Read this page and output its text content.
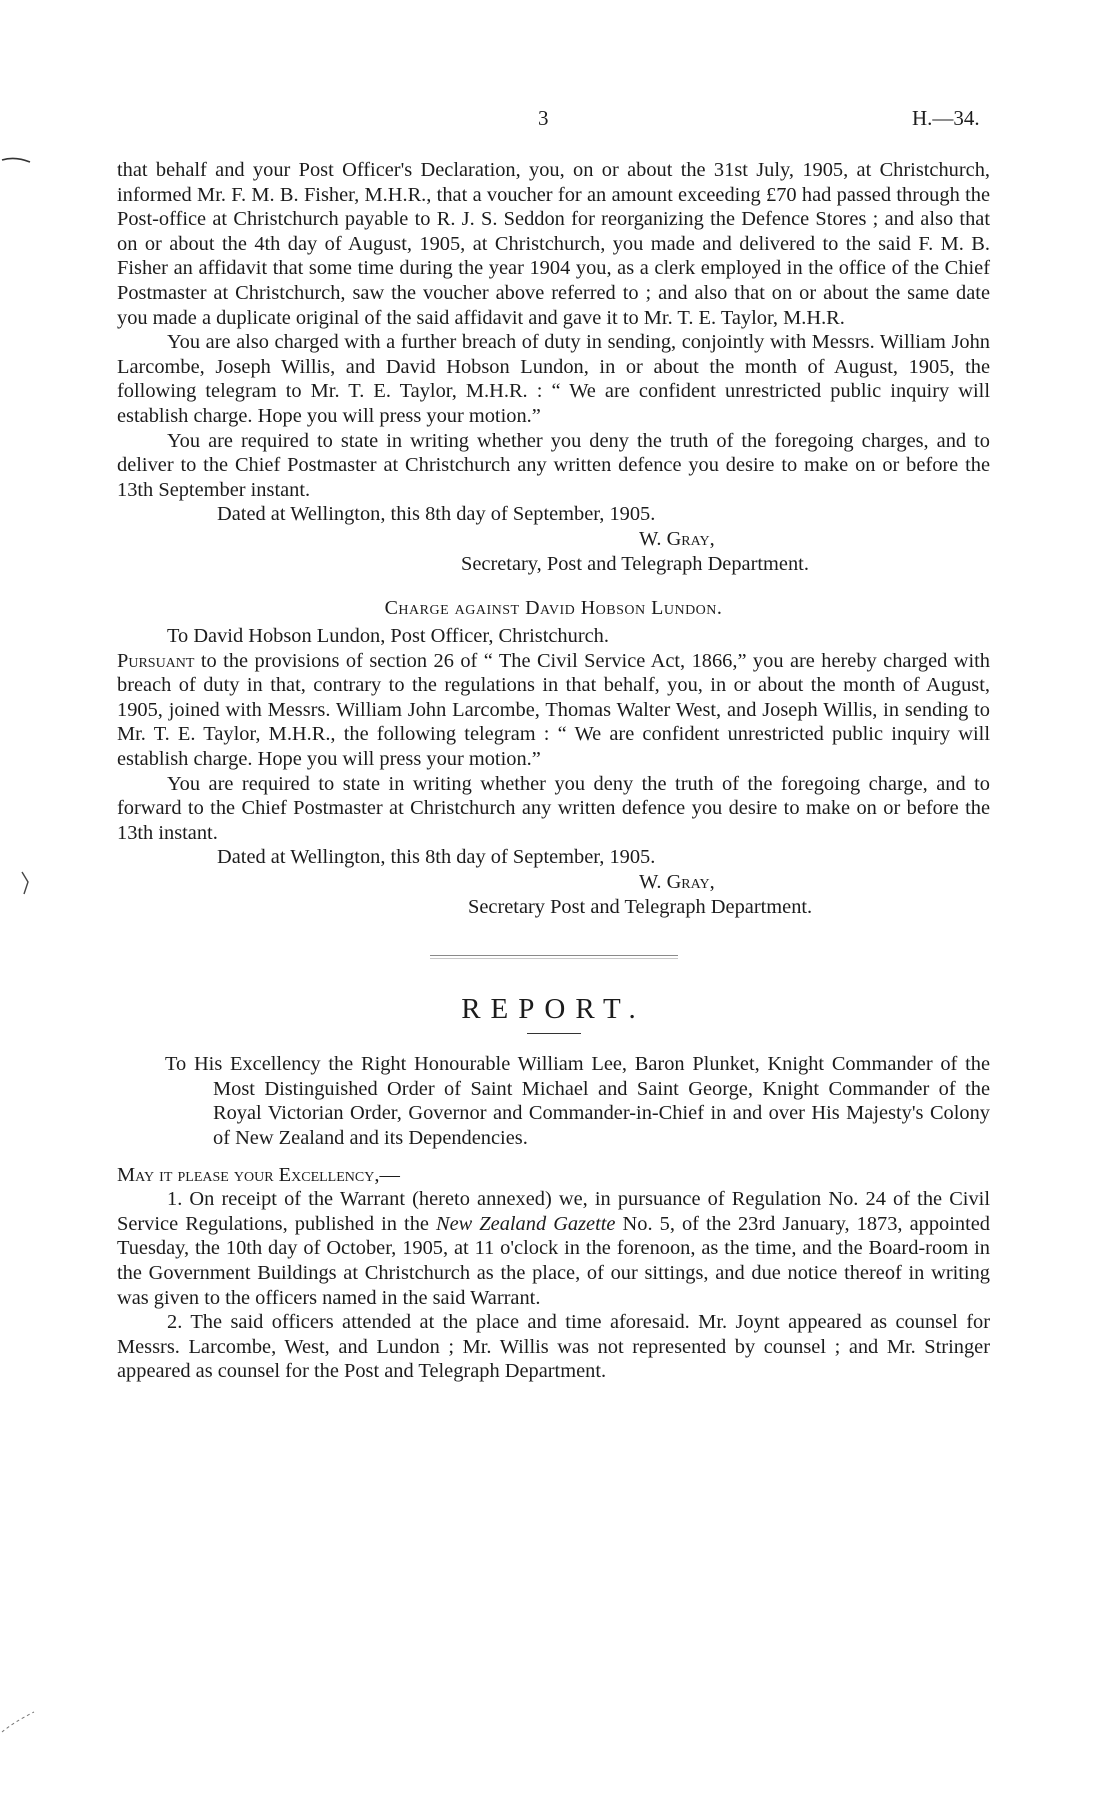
3	H.—34.

that behalf and your Post Officer's Declaration, you, on or about the 31st July, 1905, at Christchurch, informed Mr. F. M. B. Fisher, M.H.R., that a voucher for an amount exceeding £70 had passed through the Post-office at Christchurch payable to R. J. S. Seddon for reorganizing the Defence Stores ; and also that on or about the 4th day of August, 1905, at Christchurch, you made and delivered to the said F. M. B. Fisher an affidavit that some time during the year 1904 you, as a clerk employed in the office of the Chief Postmaster at Christchurch, saw the voucher above referred to ; and also that on or about the same date you made a duplicate original of the said affidavit and gave it to Mr. T. E. Taylor, M.H.R.

You are also charged with a further breach of duty in sending, conjointly with Messrs. William John Larcombe, Joseph Willis, and David Hobson Lundon, in or about the month of August, 1905, the following telegram to Mr. T. E. Taylor, M.H.R. : “ We are confident unrestricted public inquiry will establish charge. Hope you will press your motion.”

You are required to state in writing whether you deny the truth of the foregoing charges, and to deliver to the Chief Postmaster at Christchurch any written defence you desire to make on or before the 13th September instant.

Dated at Wellington, this 8th day of September, 1905.

W. Gray,
Secretary, Post and Telegraph Department.
Charge against David Hobson Lundon.

To David Hobson Lundon, Post Officer, Christchurch.

Pursuant to the provisions of section 26 of “ The Civil Service Act, 1866,” you are hereby charged with breach of duty in that, contrary to the regulations in that behalf, you, in or about the month of August, 1905, joined with Messrs. William John Larcombe, Thomas Walter West, and Joseph Willis, in sending to Mr. T. E. Taylor, M.H.R., the following telegram : “ We are confident unrestricted public inquiry will establish charge. Hope you will press your motion.”

You are required to state in writing whether you deny the truth of the foregoing charge, and to forward to the Chief Postmaster at Christchurch any written defence you desire to make on or before the 13th instant.

Dated at Wellington, this 8th day of September, 1905.

W. Gray,
Secretary Post and Telegraph Department.
REPORT.

To His Excellency the Right Honourable William Lee, Baron Plunket, Knight Commander of the Most Distinguished Order of Saint Michael and Saint George, Knight Commander of the Royal Victorian Order, Governor and Commander-in-Chief in and over His Majesty's Colony of New Zealand and its Dependencies.

May it please your Excellency,—

1. On receipt of the Warrant (hereto annexed) we, in pursuance of Regulation No. 24 of the Civil Service Regulations, published in the New Zealand Gazette No. 5, of the 23rd January, 1873, appointed Tuesday, the 10th day of October, 1905, at 11 o'clock in the forenoon, as the time, and the Board-room in the Government Buildings at Christchurch as the place, of our sittings, and due notice thereof in writing was given to the officers named in the said Warrant.

2. The said officers attended at the place and time aforesaid. Mr. Joynt appeared as counsel for Messrs. Larcombe, West, and Lundon ; Mr. Willis was not represented by counsel ; and Mr. Stringer appeared as counsel for the Post and Telegraph Department.
